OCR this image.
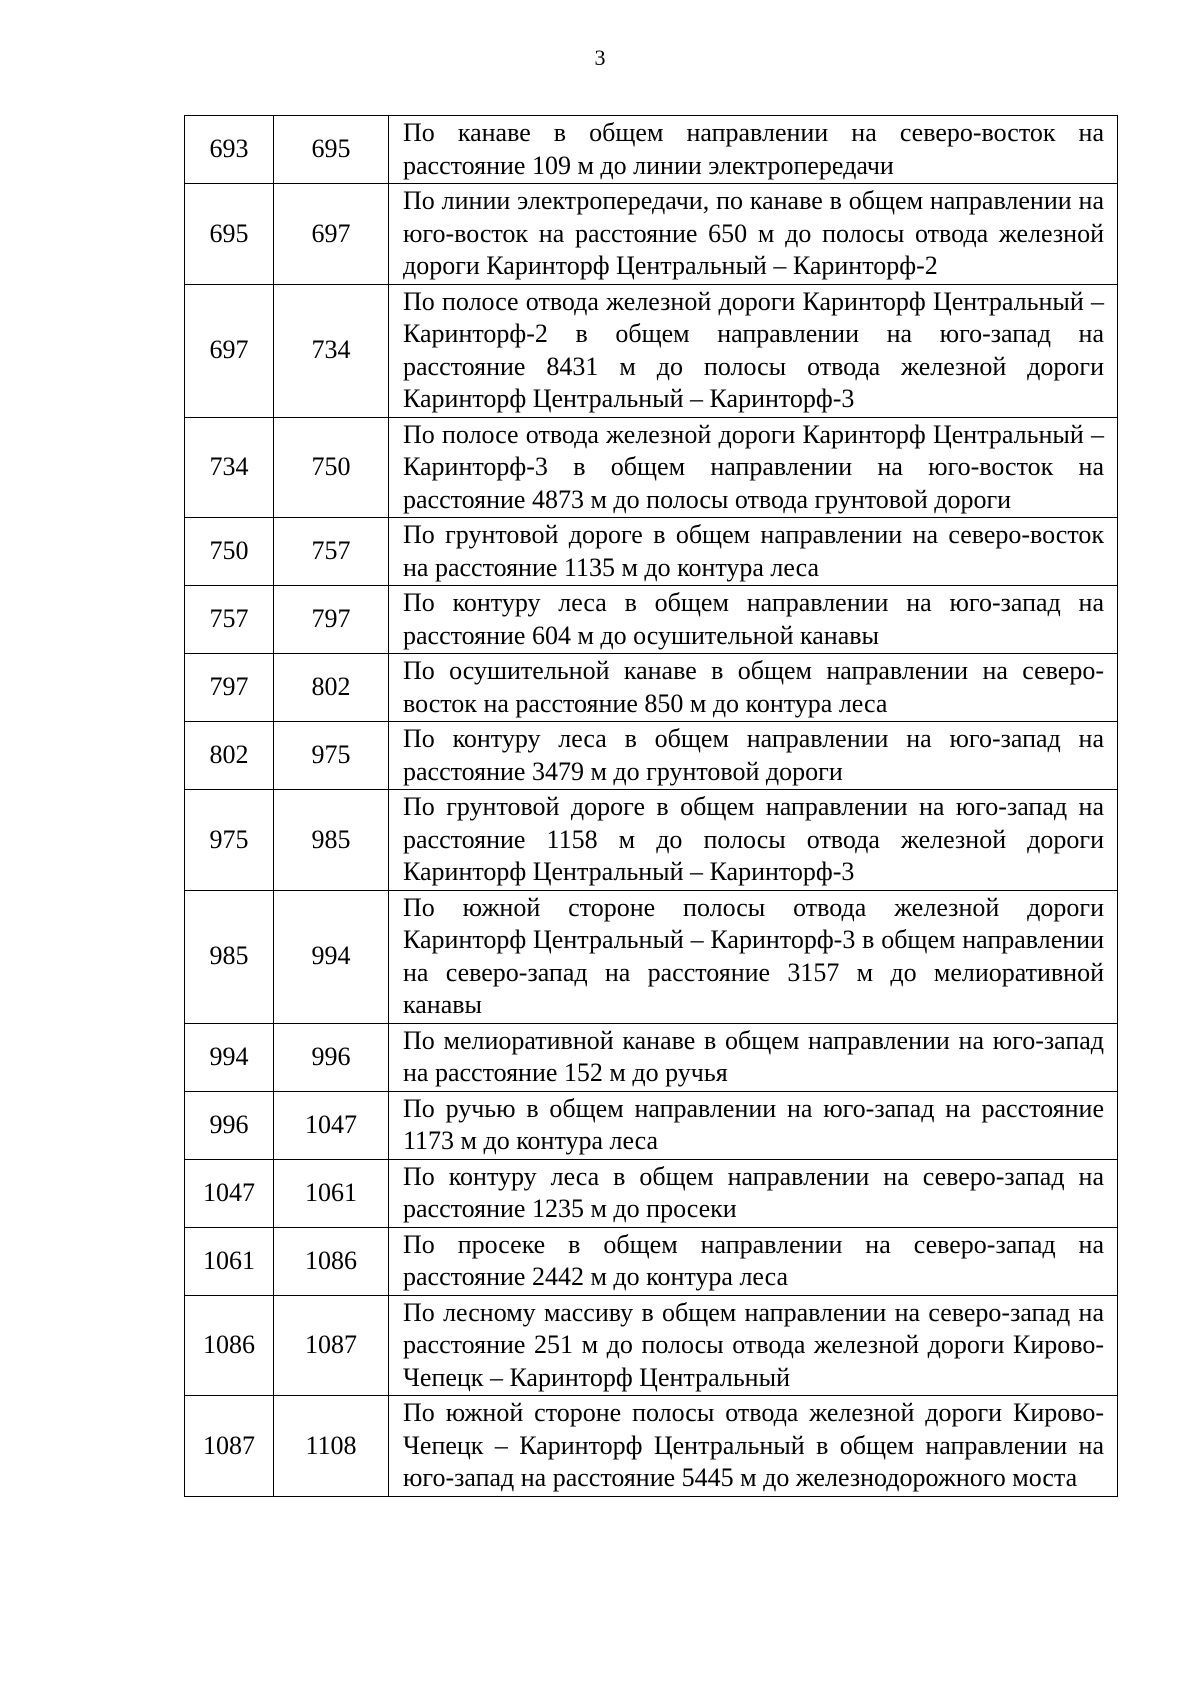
3
693	695	По канаве в общем направлении на северо-восток на расстояние 109 м до линии электропередачи
695	697	По линии электропередачи, по канаве в общем направлении на юго-восток на расстояние 650 м до полосы отвода железной дороги Каринторф Центральный – Каринторф-2
697	734	По полосе отвода железной дороги Каринторф Центральный – Каринторф-2 в общем направлении на юго-запад на расстояние 8431 м до полосы отвода железной дороги Каринторф Центральный – Каринторф-3
734	750	По полосе отвода железной дороги Каринторф Центральный – Каринторф-3 в общем направлении на юго-восток на расстояние 4873 м до полосы отвода грунтовой дороги
750	757	По грунтовой дороге в общем направлении на северо-восток на расстояние 1135 м до контура леса
757	797	По контуру леса в общем направлении на юго-запад на расстояние 604 м до осушительной канавы
797	802	По осушительной канаве в общем направлении на северо-восток на расстояние 850 м до контура леса
802	975	По контуру леса в общем направлении на юго-запад на расстояние 3479 м до грунтовой дороги
975	985	По грунтовой дороге в общем направлении на юго-запад на расстояние 1158 м до полосы отвода железной дороги Каринторф Центральный – Каринторф-3
985	994	По южной стороне полосы отвода железной дороги Каринторф Центральный – Каринторф-3 в общем направлении на северо-запад на расстояние 3157 м до мелиоративной канавы
994	996	По мелиоративной канаве в общем направлении на юго-запад на расстояние 152 м до ручья
996	1047	По ручью в общем направлении на юго-запад на расстояние 1173 м до контура леса
1047	1061	По контуру леса в общем направлении на северо-запад на расстояние 1235 м до просеки
1061	1086	По просеке в общем направлении на северо-запад на расстояние 2442 м до контура леса
1086	1087	По лесному массиву в общем направлении на северо-запад на расстояние 251 м до полосы отвода железной дороги Кирово-Чепецк – Каринторф Центральный
1087	1108	По южной стороне полосы отвода железной дороги Кирово-Чепецк – Каринторф Центральный в общем направлении на юго-запад на расстояние 5445 м до железнодорожного моста
